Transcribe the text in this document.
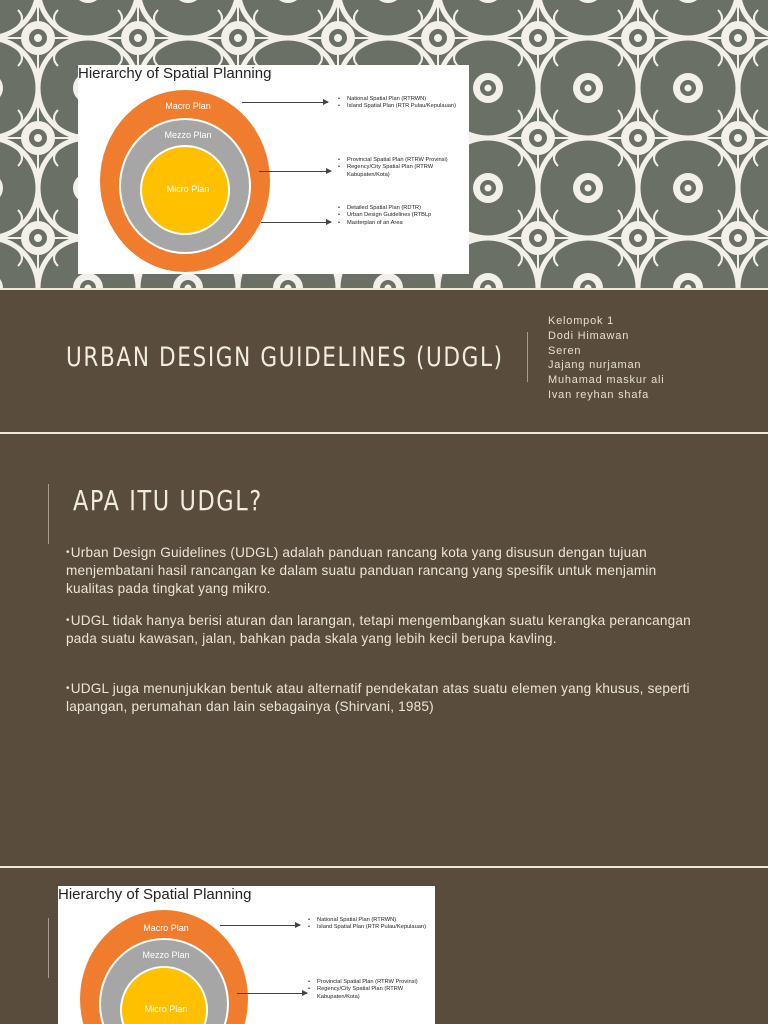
Hierarchy of Spatial Planning
Macro Plan
Mezzo Plan
Micro Plan
• National Spatial Plan (RTRWN)
• Island Spatial Plan (RTR Pulau/Kepulauan)
• Provincial Spatial Plan (RTRW Provinsi)
• Regency/City Spatial Plan (RTRW Kabupaten/Kota)
• Detailed Spatial Plan (RDTR)
• Urban Design Guidelines (RTBLp
• Masterplan of an Area
URBAN DESIGN GUIDELINES (UDGL)
Kelompok 1
Dodi Himawan
Seren
Jajang nurjaman
Muhamad maskur ali
Ivan reyhan shafa
APA ITU UDGL?
•Urban Design Guidelines (UDGL) adalah panduan rancang kota yang disusun dengan tujuan menjembatani hasil rancangan ke dalam suatu panduan rancang yang spesifik untuk menjamin kualitas pada tingkat yang mikro.
•UDGL tidak hanya berisi aturan dan larangan, tetapi mengembangkan suatu kerangka perancangan pada suatu kawasan, jalan, bahkan pada skala yang lebih kecil berupa kavling.
•UDGL juga menunjukkan bentuk atau alternatif pendekatan atas suatu elemen yang khusus, seperti lapangan, perumahan dan lain sebagainya (Shirvani, 1985)
Hierarchy of Spatial Planning
Macro Plan
Mezzo Plan
Micro Plan
• National Spatial Plan (RTRWN)
• Island Spatial Plan (RTR Pulau/Kepulauan)
• Provincial Spatial Plan (RTRW Provinsi)
• Regency/City Spatial Plan (RTRW Kabupaten/Kota)
